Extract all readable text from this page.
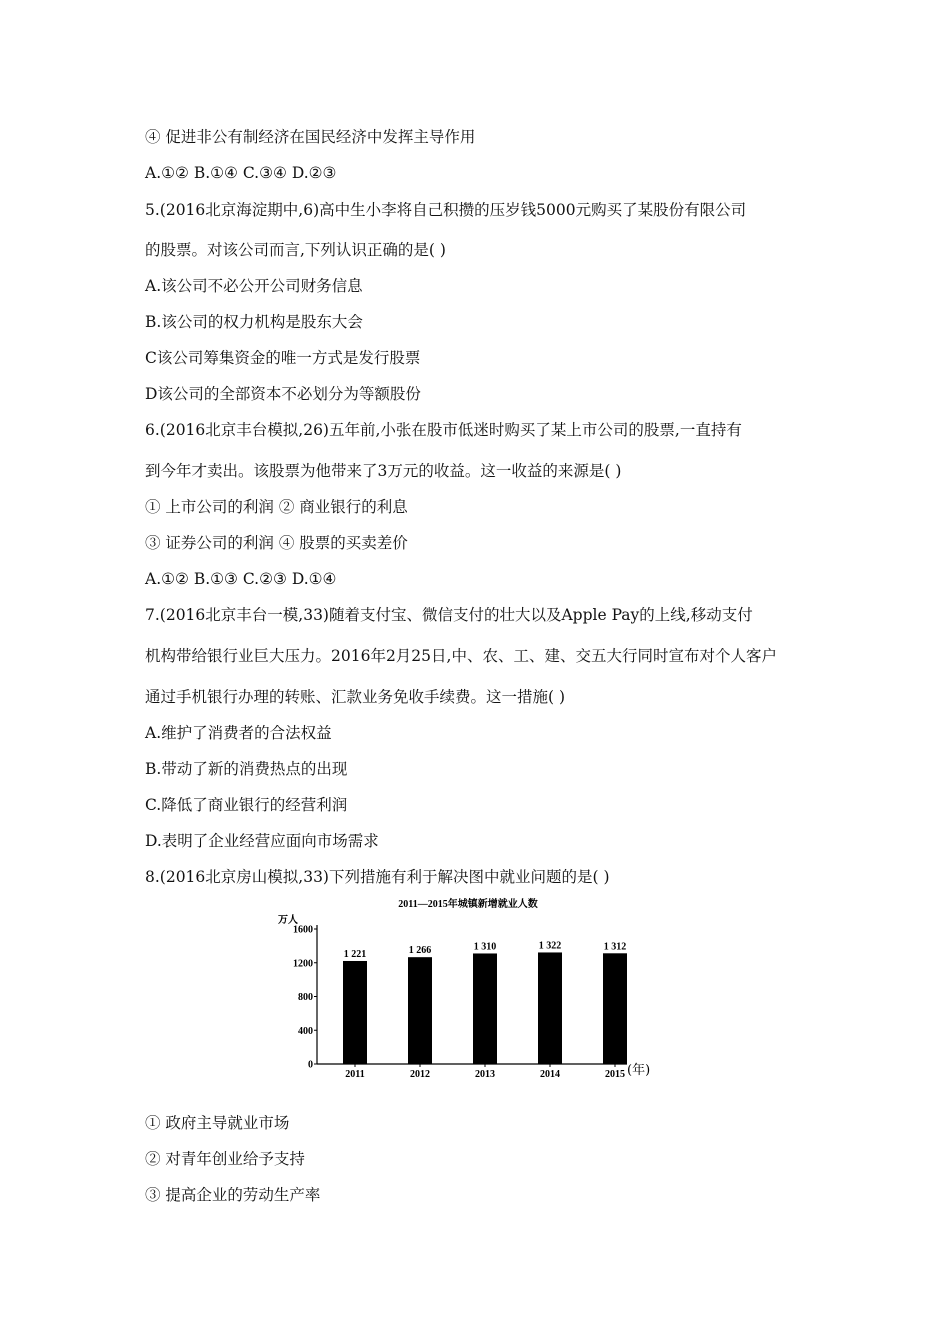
④ 促进非公有制经济在国民经济中发挥主导作用
A.①② B.①④ C.③④ D.②③
5.(2016北京海淀期中,6)高中生小李将自己积攒的压岁钱5000元购买了某股份有限公司
的股票。对该公司而言,下列认识正确的是( )
A.该公司不必公开公司财务信息
B.该公司的权力机构是股东大会
C该公司筹集资金的唯一方式是发行股票
D该公司的全部资本不必划分为等额股份
6.(2016北京丰台模拟,26)五年前,小张在股市低迷时购买了某上市公司的股票,一直持有
到今年才卖出。该股票为他带来了3万元的收益。这一收益的来源是( )
① 上市公司的利润 ② 商业银行的利息
③ 证券公司的利润 ④ 股票的买卖差价
A.①② B.①③ C.②③ D.①④
7.(2016北京丰台一模,33)随着支付宝、微信支付的壮大以及Apple Pay的上线,移动支付
机构带给银行业巨大压力。2016年2月25日,中、农、工、建、交五大行同时宣布对个人客户
通过手机银行办理的转账、汇款业务免收手续费。这一措施( )
A.维护了消费者的合法权益
B.带动了新的消费热点的出现
C.降低了商业银行的经营利润
D.表明了企业经营应面向市场需求
8.(2016北京房山模拟,33)下列措施有利于解决图中就业问题的是( )
2011—2015年城镇新增就业人数
万人
(年)
0
400
800
1200
1600
1 221
2011
1 266
2012
1 310
2013
1 322
2014
1 312
2015
① 政府主导就业市场
② 对青年创业给予支持
③ 提高企业的劳动生产率
